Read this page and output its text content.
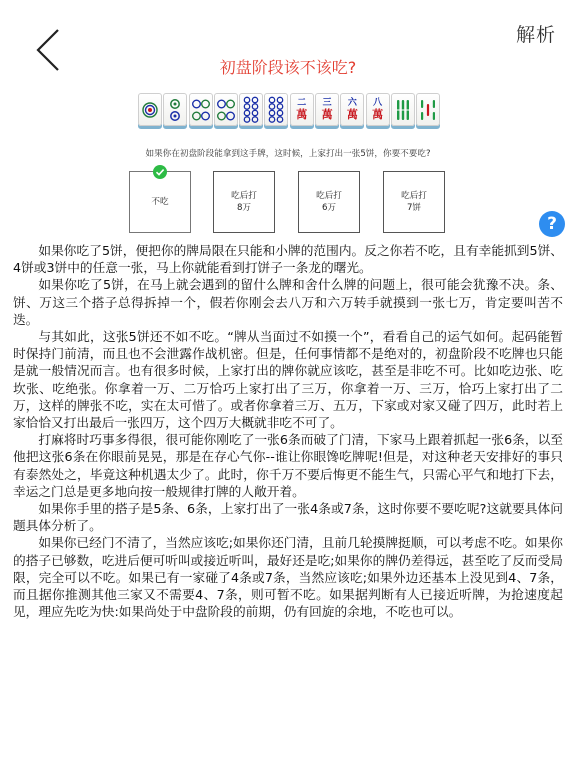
解析
初盘阶段该不该吃?
二
萬
三
萬
六
萬
八
萬
如果你在初盘阶段能拿到这手牌，这时候，上家打出一张5饼，你要不要吃?
不吃
吃后打
8万
吃后打
6万
吃后打
7饼
?

如果你吃了5饼，便把你的牌局限在只能和小牌的范围内。反之你若不吃，且有幸能抓到5饼、4饼或3饼中的任意一张，马上你就能看到打饼子一条龙的曙光。

如果你吃了5饼，在马上就会遇到的留什么牌和舍什么牌的问题上，很可能会犹豫不决。条、饼、万这三个搭子总得拆掉一个，假若你刚会去八万和六万转手就摸到一张七万，肯定要叫苦不迭。

与其如此，这张5饼还不如不吃。“牌从当面过不如摸一个”，看看自己的运气如何。起码能暂时保持门前清，而且也不会泄露作战机密。但是，任何事情都不是绝对的，初盘阶段不吃牌也只能是就一般情况而言。也有很多时候，上家打出的牌你就应该吃，甚至是非吃不可。比如吃边张、吃坎张、吃绝张。你拿着一万、二万恰巧上家打出了三万，你拿着一万、三万，恰巧上家打出了二万，这样的牌张不吃，实在太可惜了。或者你拿着三万、五万，下家或对家又碰了四万，此时若上家恰恰又打出最后一张四万，这个四万大概就非吃不可了。

打麻将时巧事多得很，很可能你刚吃了一张6条而破了门清，下家马上跟着抓起一张6条，以至他把这张6条在你眼前晃晃，那是在存心气你--谁让你眼馋吃牌呢!但是，对这种老天安排好的事只有泰然处之，毕竟这种机遇太少了。此时，你千万不要后悔更不能生气，只需心平气和地打下去，幸运之门总是更多地向按一般规律打牌的人敞开着。

如果你手里的搭子是5条、6条，上家打出了一张4条或7条，这时你要不要吃呢?这就要具体问题具体分析了。

如果你已经门不清了，当然应该吃;如果你还门清，且前几轮摸牌挺顺，可以考虑不吃。如果你的搭子已够数，吃进后便可听叫或接近听叫，最好还是吃;如果你的牌仍差得远，甚至吃了反而受局限，完全可以不吃。如果已有一家碰了4条或7条，当然应该吃;如果外边还基本上没见到4、7条，而且据你推测其他三家又不需要4、7条，则可暂不吃。如果据判断有人已接近听牌，为抢速度起见，理应先吃为快:如果尚处于中盘阶段的前期，仍有回旋的余地，不吃也可以。
